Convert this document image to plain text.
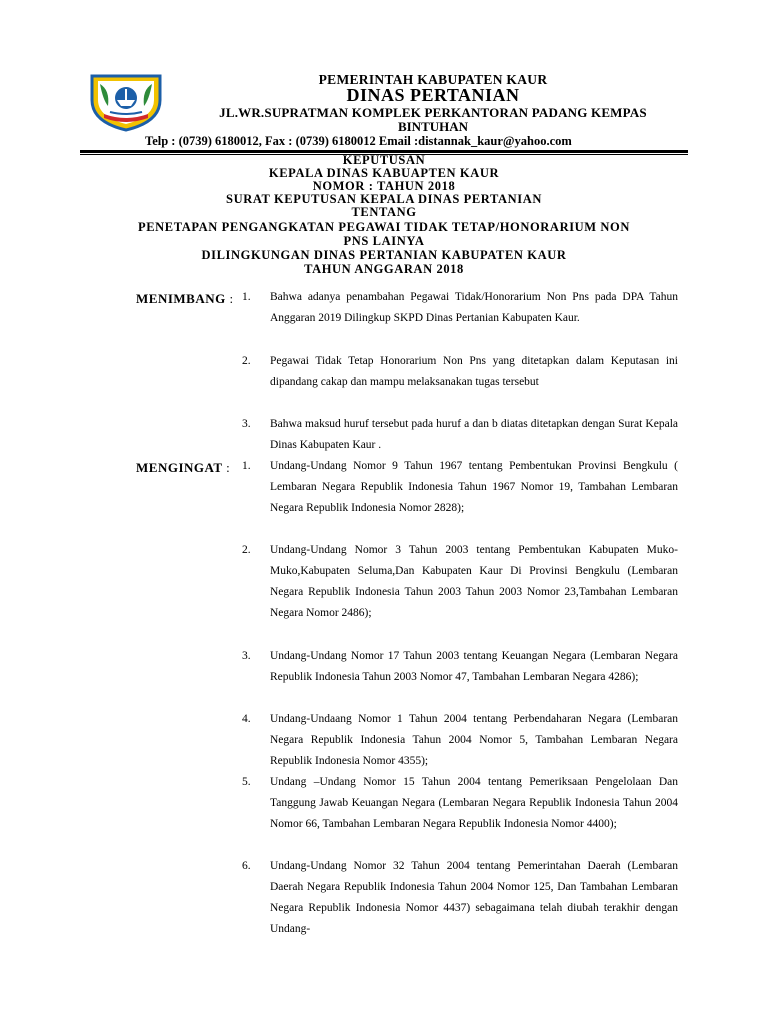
PEMERINTAH KABUPATEN KAUR
DINAS PERTANIAN
JL.WR.SUPRATMAN KOMPLEK PERKANTORAN PADANG KEMPAS
BINTUHAN
Telp : (0739) 6180012, Fax : (0739) 6180012 Email :distannak_kaur@yahoo.com
KEPUTUSAN
KEPALA DINAS KABUAPTEN KAUR
NOMOR : TAHUN 2018
SURAT KEPUTUSAN KEPALA DINAS PERTANIAN
TENTANG
PENETAPAN PENGANGKATAN PEGAWAI TIDAK TETAP/HONORARIUM NON
PNS LAINYA
DILINGKUNGAN DINAS PERTANIAN KABUPATEN KAUR
TAHUN ANGGARAN 2018
MENIMBANG : 1.	Bahwa adanya penambahan Pegawai Tidak/Honorarium Non Pns pada DPA Tahun Anggaran 2019 Dilingkup SKPD Dinas Pertanian Kabupaten Kaur.
2.	Pegawai Tidak Tetap Honorarium Non Pns yang ditetapkan dalam Keputasan ini dipandang cakap dan mampu melaksanakan tugas tersebut
3.	Bahwa maksud huruf tersebut pada huruf a dan b diatas ditetapkan dengan Surat Kepala Dinas Kabupaten Kaur .
MENGINGAT : 1.	Undang-Undang Nomor 9 Tahun 1967 tentang Pembentukan Provinsi Bengkulu ( Lembaran Negara Republik Indonesia Tahun 1967 Nomor 19, Tambahan Lembaran Negara Republik Indonesia Nomor 2828);
2.	Undang-Undang Nomor 3 Tahun 2003 tentang Pembentukan Kabupaten Muko-Muko,Kabupaten Seluma,Dan Kabupaten Kaur Di Provinsi Bengkulu (Lembaran Negara Republik Indonesia Tahun 2003 Tahun 2003 Nomor 23,Tambahan Lembaran Negara Nomor 2486);
3.	Undang-Undang Nomor 17 Tahun 2003 tentang Keuangan Negara (Lembaran Negara Republik Indonesia Tahun 2003 Nomor 47, Tambahan Lembaran Negara 4286);
4.	Undang-Undaang Nomor 1 Tahun 2004 tentang Perbendaharan Negara (Lembaran Negara Republik Indonesia Tahun 2004 Nomor 5, Tambahan Lembaran Negara Republik Indonesia Nomor 4355);
5.	Undang –Undang Nomor 15 Tahun 2004 tentang Pemeriksaan Pengelolaan Dan Tanggung Jawab Keuangan Negara (Lembaran Negara Republik Indonesia Tahun 2004 Nomor 66, Tambahan Lembaran Negara Republik Indonesia Nomor 4400);
6.	Undang-Undang Nomor 32 Tahun 2004 tentang Pemerintahan Daerah (Lembaran Daerah Negara Republik Indonesia Tahun 2004 Nomor 125, Dan Tambahan Lembaran Negara Republik Indonesia Nomor 4437) sebagaimana telah diubah terakhir dengan Undang-
